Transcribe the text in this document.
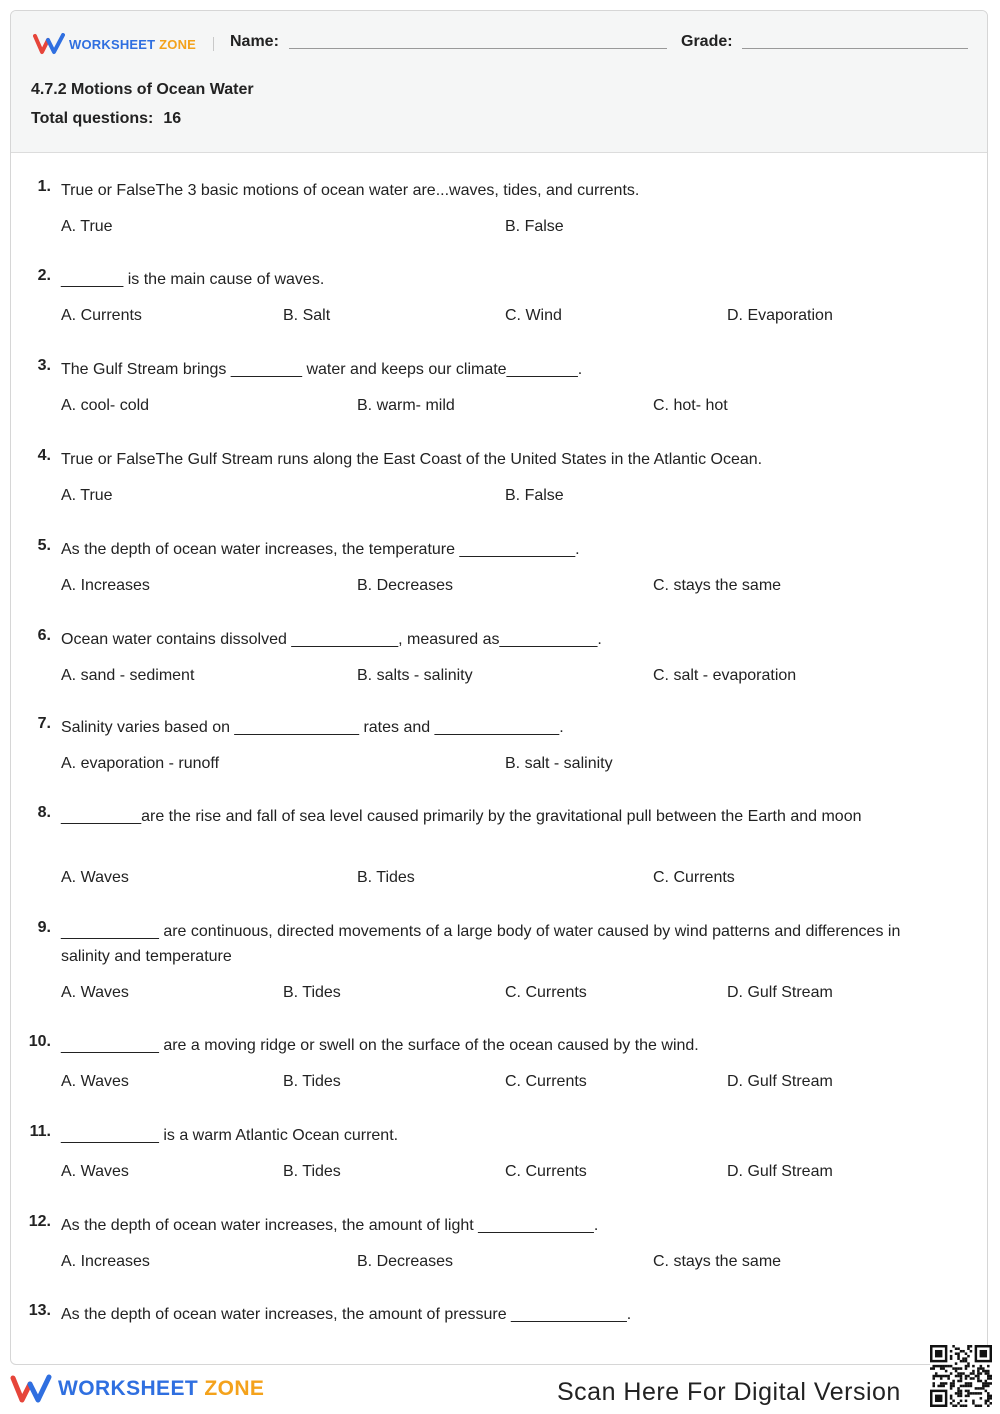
WORKSHEET ZONE Name:	Grade:
4.7.2 Motions of Ocean Water
Total questions: 16
1. True or FalseThe 3 basic motions of ocean water are...waves, tides, and currents.
A. True	B. False
2. _______ is the main cause of waves.
A. Currents	B. Salt	C. Wind	D. Evaporation
3. The Gulf Stream brings ________ water and keeps our climate________.
A. cool- cold	B. warm- mild	C. hot- hot
4. True or FalseThe Gulf Stream runs along the East Coast of the United States in the Atlantic Ocean.
A. True	B. False
5. As the depth of ocean water increases, the temperature _____________.
A. Increases	B. Decreases	C. stays the same
6. Ocean water contains dissolved ____________, measured as___________.
A. sand - sediment	B. salts - salinity	C. salt - evaporation
7. Salinity varies based on ______________ rates and ______________.
A. evaporation - runoff	B. salt - salinity
8. _________are the rise and fall of sea level caused primarily by the gravitational pull between the Earth and moon
A. Waves	B. Tides	C. Currents
9. ___________ are continuous, directed movements of a large body of water caused by wind patterns and differences in salinity and temperature
A. Waves	B. Tides	C. Currents	D. Gulf Stream
10. ___________ are a moving ridge or swell on the surface of the ocean caused by the wind.
A. Waves	B. Tides	C. Currents	D. Gulf Stream
11. ___________ is a warm Atlantic Ocean current.
A. Waves	B. Tides	C. Currents	D. Gulf Stream
12. As the depth of ocean water increases, the amount of light _____________.
A. Increases	B. Decreases	C. stays the same
13. As the depth of ocean water increases, the amount of pressure _____________.
WORKSHEET ZONE	Scan Here For Digital Version
